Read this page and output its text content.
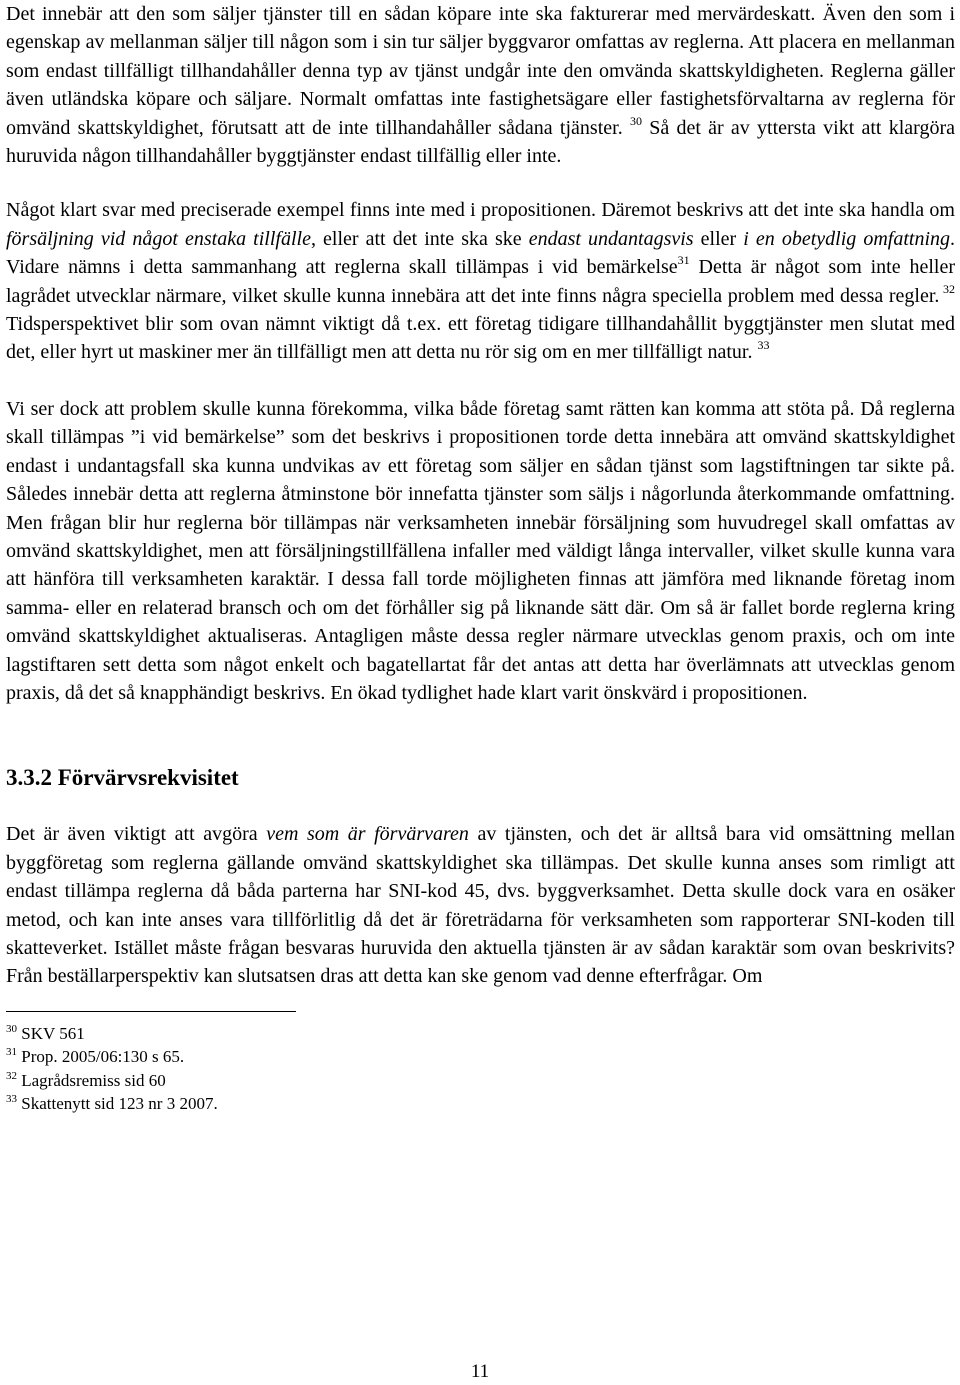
Det innebär att den som säljer tjänster till en sådan köpare inte ska fakturerar med mervärdeskatt. Även den som i egenskap av mellanman säljer till någon som i sin tur säljer byggvaror omfattas av reglerna. Att placera en mellanman som endast tillfälligt tillhandahåller denna typ av tjänst undgår inte den omvända skattskyldigheten. Reglerna gäller även utländska köpare och säljare. Normalt omfattas inte fastighetsägare eller fastighetsförvaltarna av reglerna för omvänd skattskyldighet, förutsatt att de inte tillhandahåller sådana tjänster. $^{30}$ Så det är av yttersta vikt att klargöra huruvida någon tillhandahåller byggtjänster endast tillfällig eller inte.

Något klart svar med preciserade exempel finns inte med i propositionen. Däremot beskrivs att det inte ska handla om försäljning vid något enstaka tillfälle, eller att det inte ska ske endast undantagsvis eller i en obetydlig omfattning. Vidare nämns i detta sammanhang att reglerna skall tillämpas i vid bemärkelse$^{31}$ Detta är något som inte heller lagrådet utvecklar närmare, vilket skulle kunna innebära att det inte finns några speciella problem med dessa regler. $^{32}$ Tidsperspektivet blir som ovan nämnt viktigt då t.ex. ett företag tidigare tillhandahållit byggtjänster men slutat med det, eller hyrt ut maskiner mer än tillfälligt men att detta nu rör sig om en mer tillfälligt natur. $^{33}$

Vi ser dock att problem skulle kunna förekomma, vilka både företag samt rätten kan komma att stöta på. Då reglerna skall tillämpas ”i vid bemärkelse” som det beskrivs i propositionen torde detta innebära att omvänd skattskyldighet endast i undantagsfall ska kunna undvikas av ett företag som säljer en sådan tjänst som lagstiftningen tar sikte på. Således innebär detta att reglerna åtminstone bör innefatta tjänster som säljs i någorlunda återkommande omfattning. Men frågan blir hur reglerna bör tillämpas när verksamheten innebär försäljning som huvudregel skall omfattas av omvänd skattskyldighet, men att försäljningstillfällena infaller med väldigt långa intervaller, vilket skulle kunna vara att hänföra till verksamheten karaktär. I dessa fall torde möjligheten finnas att jämföra med liknande företag inom samma- eller en relaterad bransch och om det förhåller sig på liknande sätt där. Om så är fallet borde reglerna kring omvänd skattskyldighet aktualiseras. Antagligen måste dessa regler närmare utvecklas genom praxis, och om inte lagstiftaren sett detta som något enkelt och bagatellartat får det antas att detta har överlämnats att utvecklas genom praxis, då det så knapphändigt beskrivs. En ökad tydlighet hade klart varit önskvärd i propositionen.

3.3.2 Förvärvsrekvisitet

Det är även viktigt att avgöra vem som är förvärvaren av tjänsten, och det är alltså bara vid omsättning mellan byggföretag som reglerna gällande omvänd skattskyldighet ska tillämpas. Det skulle kunna anses som rimligt att endast tillämpa reglerna då båda parterna har SNI-kod 45, dvs. byggverksamhet. Detta skulle dock vara en osäker metod, och kan inte anses vara tillförlitlig då det är företrädarna för verksamheten som rapporterar SNI-koden till skatteverket. Istället måste frågan besvaras huruvida den aktuella tjänsten är av sådan karaktär som ovan beskrivits? Från beställarperspektiv kan slutsatsen dras att detta kan ske genom vad denne efterfrågar. Om

$^{30}$ SKV 561
$^{31}$ Prop. 2005/06:130 s 65.
$^{32}$ Lagrådsremiss sid 60
$^{33}$ Skattenytt sid 123 nr 3 2007.
11
